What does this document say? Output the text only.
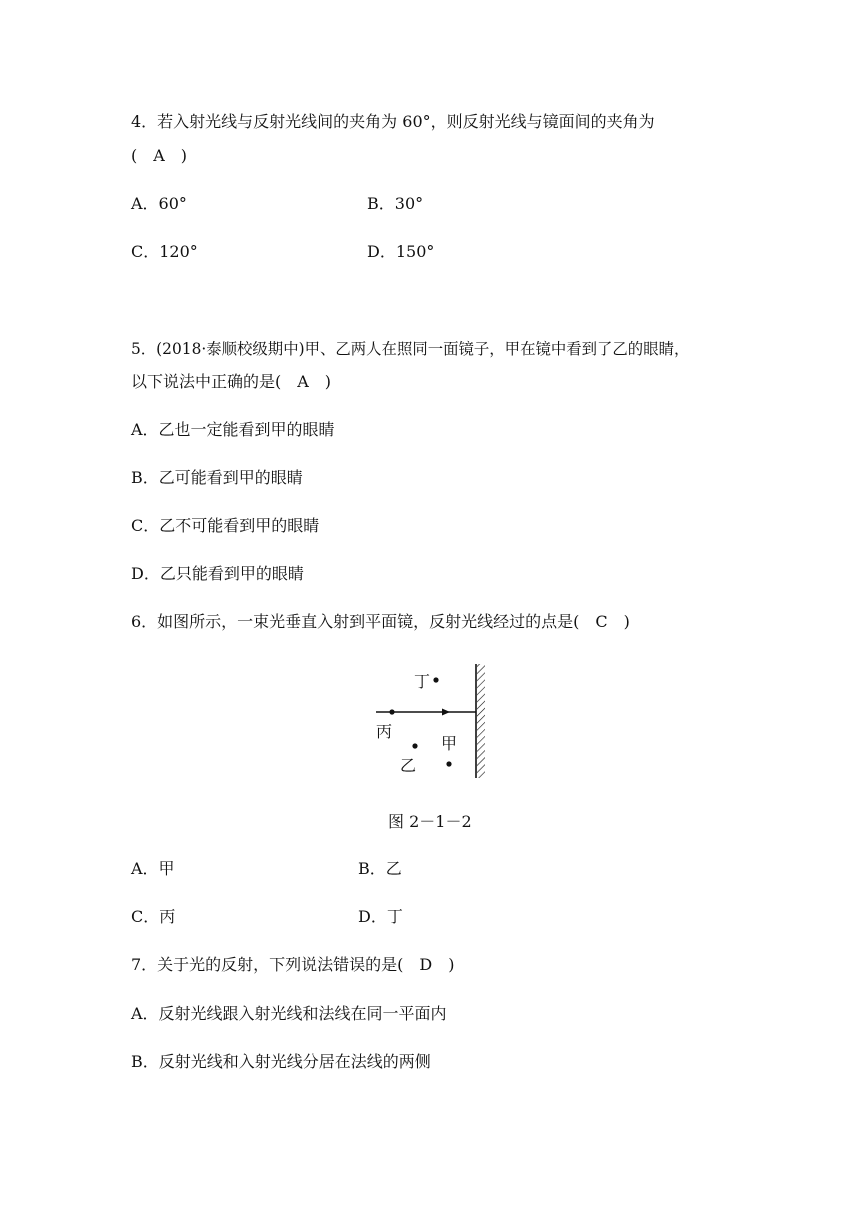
4．若入射光线与反射光线间的夹角为 60°，则反射光线与镜面间的夹角为
(　A　)
A．60°	B．30°
C．120°	D．150°
5．(2018·泰顺校级期中)甲、乙两人在照同一面镜子，甲在镜中看到了乙的眼睛，
以下说法中正确的是(　A　)
A．乙也一定能看到甲的眼睛
B．乙可能看到甲的眼睛
C．乙不可能看到甲的眼睛
D．乙只能看到甲的眼睛
6．如图所示，一束光垂直入射到平面镜，反射光线经过的点是(　C　)
丁
丙
甲
乙
图 2－1－2
A．甲	B．乙
C．丙	D．丁
7．关于光的反射，下列说法错误的是(　D　)
A．反射光线跟入射光线和法线在同一平面内
B．反射光线和入射光线分居在法线的两侧
